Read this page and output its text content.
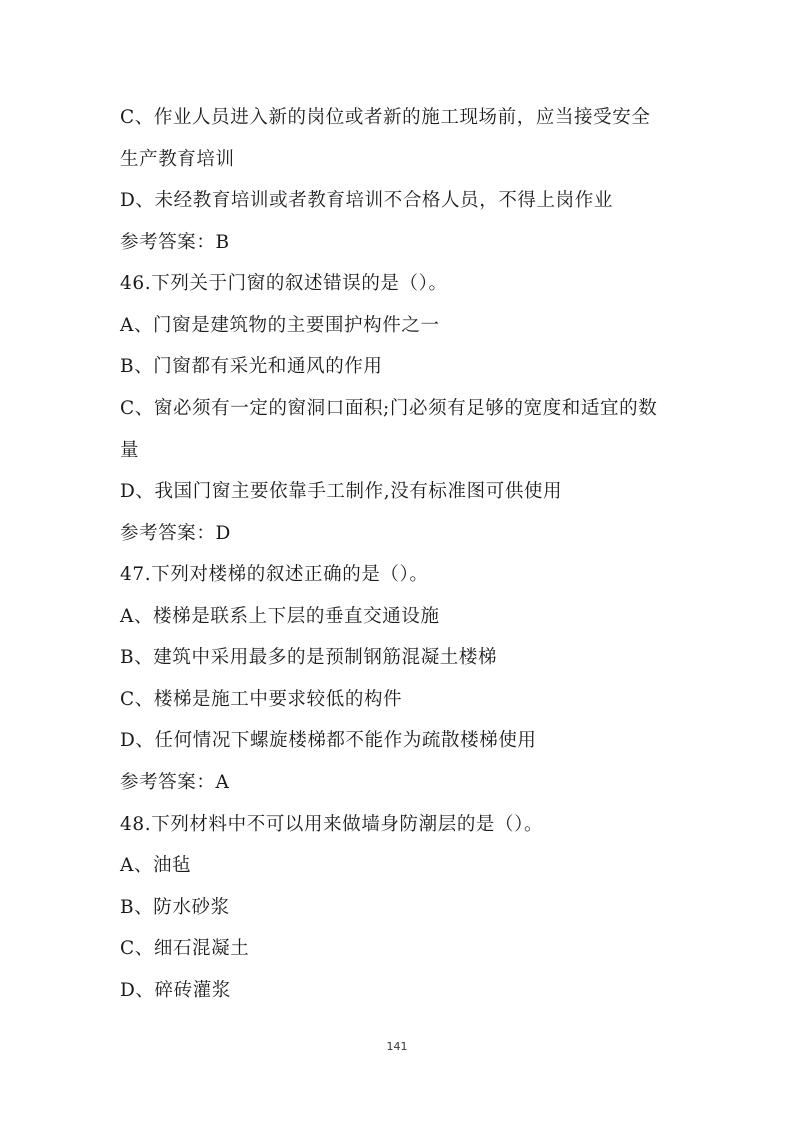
C、作业人员进入新的岗位或者新的施工现场前，应当接受安全
生产教育培训
D、未经教育培训或者教育培训不合格人员，不得上岗作业
参考答案：B
46.下列关于门窗的叙述错误的是（）。
A、门窗是建筑物的主要围护构件之一
B、门窗都有采光和通风的作用
C、窗必须有一定的窗洞口面积;门必须有足够的宽度和适宜的数
量
D、我国门窗主要依靠手工制作,没有标准图可供使用
参考答案：D
47.下列对楼梯的叙述正确的是（）。
A、楼梯是联系上下层的垂直交通设施
B、建筑中采用最多的是预制钢筋混凝土楼梯
C、楼梯是施工中要求较低的构件
D、任何情况下螺旋楼梯都不能作为疏散楼梯使用
参考答案：A
48.下列材料中不可以用来做墙身防潮层的是（）。
A、油毡
B、防水砂浆
C、细石混凝土
D、碎砖灌浆
141
